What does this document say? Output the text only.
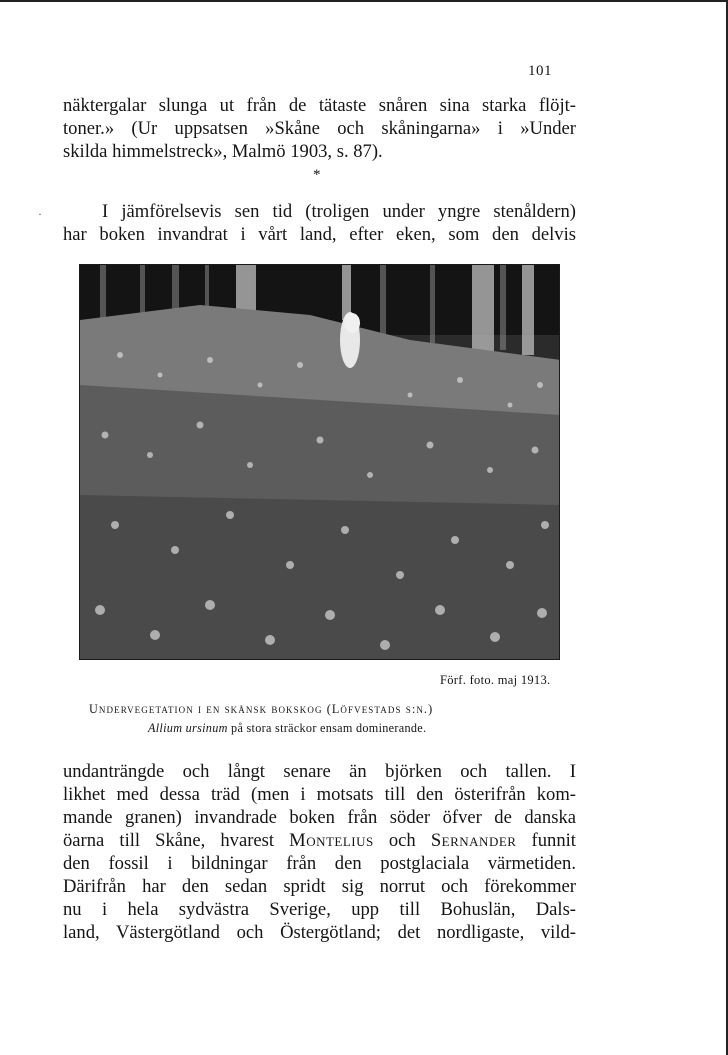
101
näktergalar slunga ut från de tätaste snåren sina starka flöjt-
toner.» (Ur uppsatsen »Skåne och skåningarna» i »Under
skilda himmelstreck», Malmö 1903, s. 87).
*
·	I jämförelsevis sen tid (troligen under yngre stenåldern)
har boken invandrat i vårt land, efter eken, som den delvis
Förf. foto. maj 1913.
Undervegetation i en skånsk bokskog (Löfvestads s:n.)
Allium ursinum på stora sträckor ensam dominerande.
undanträngde och långt senare än björken och tallen. I
likhet med dessa träd (men i motsats till den österifrån kom-
mande granen) invandrade boken från söder öfver de danska
öarna till Skåne, hvarest Montelius och Sernander funnit
den fossil i bildningar från den postglaciala värmetiden.
Därifrån har den sedan spridt sig norrut och förekommer
nu i hela sydvästra Sverige, upp till Bohuslän, Dals-
land, Västergötland och Östergötland; det nordligaste, vild-
